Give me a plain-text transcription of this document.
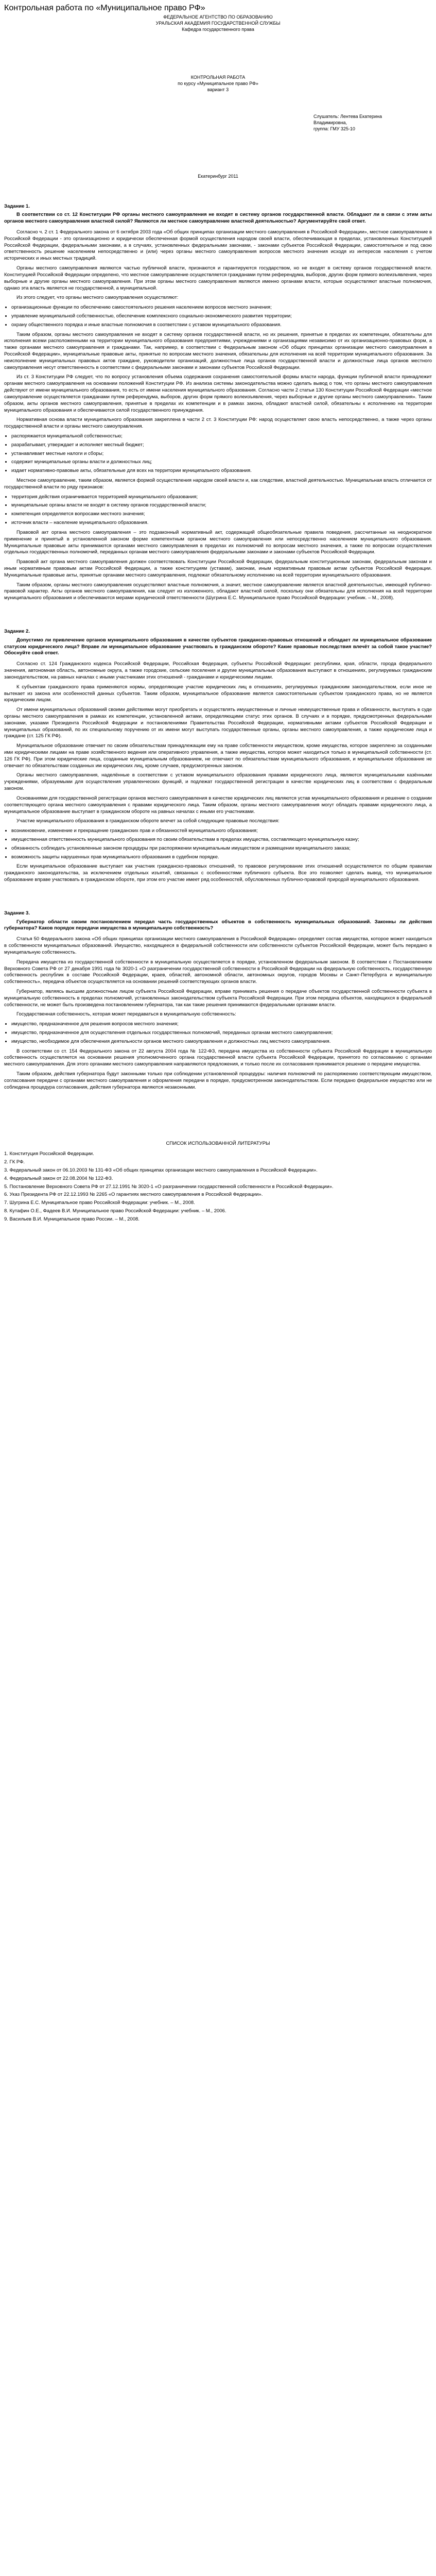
Контрольная работа по «Муниципальное право РФ»

ФЕДЕРАЛЬНОЕ АГЕНТСТВО ПО ОБРАЗОВАНИЮ

УРАЛЬСКАЯ АКАДЕМИЯ ГОСУДАРСТВЕННОЙ СЛУЖБЫ

Кафедра государственного права

КОНТРОЛЬНАЯ РАБОТА

по курсу «Муниципальное право РФ»

вариант 3

Слушатель: Лентева Екатерина Владимировна,

группа: ГМУ 325-10

Екатеринбург 2011

Задание 1.

В соответствии со ст. 12 Конституции РФ органы местного самоуправления не входят в систему органов государственной власти. Обладают ли в связи с этим акты органов местного самоуправления властной силой? Являются ли местное самоуправление властной деятельностью? Аргументируйте свой ответ.

Согласно ч. 2 ст. 1 Федерального закона от 6 октября 2003 года «Об общих принципах организации местного самоуправления в Российской Федерации», местное самоуправление в Российской Федерации - это организационно и юридически обеспеченная формой осуществления народом своей власти, обеспечивающая в пределах, установленных Конституцией Российской Федерации, федеральными законами, а в случаях, установленных федеральными законами, - законами субъектов Российской Федерации, самостоятельное и под свою ответственность решение населением непосредственно и (или) через органы местного самоуправления вопросов местного значения исходя из интересов населения с учетом исторических и иных местных традиций.

Органы местного самоуправления являются частью публичной власти, признаются и гарантируются государством, но не входят в систему органов государственной власти. Конституцией Российской Федерации определено, что местное самоуправление осуществляется гражданами путем референдума, выборов, других форм прямого волеизъявления, через выборные и другие органы местного самоуправления. При этом органы местного самоуправления являются именно органами власти, которые осуществляют властные полномочия, однако эта власть является не государственной, а муниципальной.

Из этого следует, что органы местного самоуправления осуществляют:

• организационные функции по обеспечению самостоятельного решения населением вопросов местного значения;
• управление муниципальной собственностью, обеспечение комплексного социально-экономического развития территории;
• охрану общественного порядка и иные властные полномочия в соответствии с уставом муниципального образования.

Таким образом, органы местного самоуправления не входят в систему органов государственной власти, но их решения, принятые в пределах их компетенции, обязательны для исполнения всеми расположенными на территории муниципального образования предприятиями, учреждениями и организациями независимо от их организационно-правовых форм, а также органами местного самоуправления и гражданами. Так, например, в соответствии с Федеральным законом «Об общих принципах организации местного самоуправления в Российской Федерации», муниципальные правовые акты, принятые по вопросам местного значения, обязательны для исполнения на всей территории муниципального образования. За неисполнение муниципальных правовых актов граждане, руководители организаций, должностные лица органов государственной власти и должностные лица органов местного самоуправления несут ответственность в соответствии с федеральными законами и законами субъектов Российской Федерации.

Из ст. 3 Конституции РФ следует, что по вопросу установления объема содержания сохранения самостоятельной формы власти народа, функции публичной власти принадлежит органам местного самоуправления на основании положений Конституции РФ. Из анализа системы законодательства можно сделать вывод о том, что органы местного самоуправления действуют от имени муниципального образования, то есть от имени населения муниципального образования. Согласно части 2 статьи 130 Конституции Российской Федерации «местное самоуправление осуществляется гражданами путем референдума, выборов, других форм прямого волеизъявления, через выборные и другие органы местного самоуправления». Таким образом, акты органов местного самоуправления, принятые в пределах их компетенции и в рамках закона, обладают властной силой, обязательны к исполнению на территории муниципального образования и обеспечиваются силой государственного принуждения.

Нормативная основа власти муниципального образования закреплена в части 2 ст. 3 Конституции РФ: народ осуществляет свою власть непосредственно, а также через органы государственной власти и органы местного самоуправления.

• распоряжается муниципальной собственностью;
• разрабатывает, утверждает и исполняет местный бюджет;
• устанавливает местные налоги и сборы;
• содержит муниципальные органы власти и должностных лиц;
• издает нормативно-правовые акты, обязательные для всех на территории муниципального образования.

Местное самоуправление, таким образом, является формой осуществления народом своей власти и, как следствие, властной деятельностью. Муниципальная власть отличается от государственной власти по ряду признаков:

• территория действия ограничивается территорией муниципального образования;
• муниципальные органы власти не входят в систему органов государственной власти;
• компетенция определяется вопросами местного значения;
• источник власти – население муниципального образования.

Правовой акт органа местного самоуправления – это подзаконный нормативный акт, содержащий общеобязательные правила поведения, рассчитанные на неоднократное применение и принятый в установленной законом форме компетентным органом местного самоуправления или непосредственно населением муниципального образования. Муниципальные правовые акты принимаются органами местного самоуправления в пределах их полномочий по вопросам местного значения, а также по вопросам осуществления отдельных государственных полномочий, переданных органам местного самоуправления федеральными законами и законами субъектов Российской Федерации.

Правовой акт органа местного самоуправления должен соответствовать Конституции Российской Федерации, федеральным конституционным законам, федеральным законам и иным нормативным правовым актам Российской Федерации, а также конституциям (уставам), законам, иным нормативным правовым актам субъектов Российской Федерации. Муниципальные правовые акты, принятые органами местного самоуправления, подлежат обязательному исполнению на всей территории муниципального образования.

Таким образом, органы местного самоуправления осуществляют властные полномочия, а значит, местное самоуправление является властной деятельностью, имеющей публично-правовой характер. Акты органов местного самоуправления, как следует из изложенного, обладают властной силой, поскольку они обязательны для исполнения на всей территории муниципального образования и обеспечиваются мерами юридической ответственности (Шугрина Е.С. Муниципальное право Российской Федерации: учебник. – М., 2008).

Задание 2.

Допустимо ли привлечение органов муниципального образования в качестве субъектов гражданско-правовых отношений и обладает ли муниципальное образование статусом юридического лица? Вправе ли муниципальное образование участвовать в гражданском обороте? Какие правовые последствия влечёт за собой такое участие? Обоснуйте свой ответ.

Согласно ст. 124 Гражданского кодекса Российской Федерации, Российская Федерация, субъекты Российской Федерации: республики, края, области, города федерального значения, автономная область, автономные округа, а также городские, сельские поселения и другие муниципальные образования выступают в отношениях, регулируемых гражданским законодательством, на равных началах с иными участниками этих отношений - гражданами и юридическими лицами.

К субъектам гражданского права применяются нормы, определяющие участие юридических лиц в отношениях, регулируемых гражданским законодательством, если иное не вытекает из закона или особенностей данных субъектов. Таким образом, муниципальное образование является самостоятельным субъектом гражданского права, но не является юридическим лицом.

От имени муниципальных образований своими действиями могут приобретать и осуществлять имущественные и личные неимущественные права и обязанности, выступать в суде органы местного самоуправления в рамках их компетенции, установленной актами, определяющими статус этих органов. В случаях и в порядке, предусмотренных федеральными законами, указами Президента Российской Федерации и постановлениями Правительства Российской Федерации, нормативными актами субъектов Российской Федерации и муниципальных образований, по их специальному поручению от их имени могут выступать государственные органы, органы местного самоуправления, а также юридические лица и граждане (ст. 125 ГК РФ).

Муниципальное образование отвечает по своим обязательствам принадлежащим ему на праве собственности имуществом, кроме имущества, которое закреплено за созданными ими юридическими лицами на праве хозяйственного ведения или оперативного управления, а также имущества, которое может находиться только в муниципальной собственности (ст. 126 ГК РФ). При этом юридические лица, созданные муниципальным образованием, не отвечают по обязательствам муниципального образования, и муниципальное образование не отвечает по обязательствам созданных им юридических лиц, кроме случаев, предусмотренных законом.

Органы местного самоуправления, наделённые в соответствии с уставом муниципального образования правами юридического лица, являются муниципальными казёнными учреждениями, образуемыми для осуществления управленческих функций, и подлежат государственной регистрации в качестве юридических лиц в соответствии с федеральным законом.

Основаниями для государственной регистрации органов местного самоуправления в качестве юридических лиц являются устав муниципального образования и решение о создании соответствующего органа местного самоуправления с правами юридического лица. Таким образом, органы местного самоуправления могут обладать правами юридического лица, а муниципальное образование выступает в гражданском обороте на равных началах с иными его участниками.

Участие муниципального образования в гражданском обороте влечет за собой следующие правовые последствия:

• возникновение, изменение и прекращение гражданских прав и обязанностей муниципального образования;
• имущественная ответственность муниципального образования по своим обязательствам в пределах имущества, составляющего муниципальную казну;
• обязанность соблюдать установленные законом процедуры при распоряжении муниципальным имуществом и размещении муниципального заказа;
• возможность защиты нарушенных прав муниципального образования в судебном порядке.

Если муниципальное образование выступает как участник гражданско-правовых отношений, то правовое регулирование этих отношений осуществляется по общим правилам гражданского законодательства, за исключением отдельных изъятий, связанных с особенностями публичного субъекта. Все это позволяет сделать вывод, что муниципальное образование вправе участвовать в гражданском обороте, при этом его участие имеет ряд особенностей, обусловленных публично-правовой природой муниципального образования.

Задание 3.

Губернатор области своим постановлением передал часть государственных объектов в собственность муниципальных образований. Законны ли действия губернатора? Каков порядок передачи имущества в муниципальную собственность?

Статья 50 Федерального закона «Об общих принципах организации местного самоуправления в Российской Федерации» определяет состав имущества, которое может находиться в собственности муниципальных образований. Имущество, находящееся в федеральной собственности или собственности субъектов Российской Федерации, может быть передано в муниципальную собственность.

Передача имущества из государственной собственности в муниципальную осуществляется в порядке, установленном федеральным законом. В соответствии с Постановлением Верховного Совета РФ от 27 декабря 1991 года № 3020-1 «О разграничении государственной собственности в Российской Федерации на федеральную собственность, государственную собственность республик в составе Российской Федерации, краев, областей, автономной области, автономных округов, городов Москвы и Санкт-Петербурга и муниципальную собственность», передача объектов осуществляется на основании решений соответствующих органов власти.

Губернатор, являясь высшим должностным лицом субъекта Российской Федерации, вправе принимать решения о передаче объектов государственной собственности субъекта в муниципальную собственность в пределах полномочий, установленных законодательством субъекта Российской Федерации. При этом передача объектов, находящихся в федеральной собственности, не может быть произведена постановлением губернатора, так как такие решения принимаются федеральными органами власти.

Государственная собственность, которая может передаваться в муниципальную собственность:

• имущество, предназначенное для решения вопросов местного значения;
• имущество, предназначенное для осуществления отдельных государственных полномочий, переданных органам местного самоуправления;
• имущество, необходимое для обеспечения деятельности органов местного самоуправления и должностных лиц местного самоуправления.

В соответствии со ст. 154 Федерального закона от 22 августа 2004 года № 122-ФЗ, передача имущества из собственности субъекта Российской Федерации в муниципальную собственность осуществляется на основании решения уполномоченного органа государственной власти субъекта Российской Федерации, принятого по согласованию с органами местного самоуправления. Для этого органами местного самоуправления направляются предложения, и только после их согласования принимается решение о передаче имущества.

Таким образом, действия губернатора будут законными только при соблюдении установленной процедуры: наличия полномочий по распоряжению соответствующим имуществом, согласования передачи с органами местного самоуправления и оформления передачи в порядке, предусмотренном законодательством. Если передано федеральное имущество или не соблюдена процедура согласования, действия губернатора являются незаконными.

СПИСОК ИСПОЛЬЗОВАННОЙ ЛИТЕРАТУРЫ

1. Конституция Российской Федерации.
2. ГК РФ.
3. Федеральный закон от 06.10.2003 № 131-ФЗ «Об общих принципах организации местного самоуправления в Российской Федерации».
4. Федеральный закон от 22.08.2004 № 122-ФЗ.
5. Постановление Верховного Совета РФ от 27.12.1991 № 3020-1 «О разграничении государственной собственности в Российской Федерации».
6. Указ Президента РФ от 22.12.1993 № 2265 «О гарантиях местного самоуправления в Российской Федерации».
7. Шугрина Е.С. Муниципальное право Российской Федерации: учебник. – М., 2008.
8. Кутафин О.Е., Фадеев В.И. Муниципальное право Российской Федерации: учебник. – М., 2006.
9. Васильев В.И. Муниципальное право России. – М., 2008.
